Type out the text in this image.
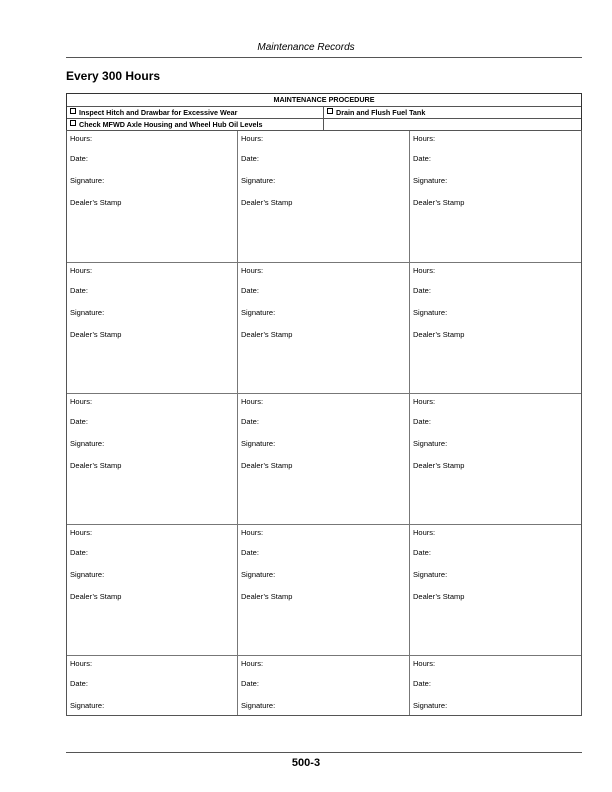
Maintenance Records
Every 300 Hours
MAINTENANCE PROCEDURE
Inspect Hitch and Drawbar for Excessive Wear	Drain and Flush Fuel Tank
Check MFWD Axle Housing and Wheel Hub Oil Levels
Hours:
Date:
Signature:
Dealer’s Stamp
Hours:
Date:
Signature:
Dealer’s Stamp
Hours:
Date:
Signature:
Dealer’s Stamp
Hours:
Date:
Signature:
Dealer’s Stamp
Hours:
Date:
Signature:
Dealer’s Stamp
Hours:
Date:
Signature:
Dealer’s Stamp
Hours:
Date:
Signature:
Dealer’s Stamp
Hours:
Date:
Signature:
Dealer’s Stamp
Hours:
Date:
Signature:
Dealer’s Stamp
Hours:
Date:
Signature:
Dealer’s Stamp
Hours:
Date:
Signature:
Dealer’s Stamp
Hours:
Date:
Signature:
Dealer’s Stamp
Hours:
Date:
Signature:
Hours:
Date:
Signature:
Hours:
Date:
Signature:
500-3
